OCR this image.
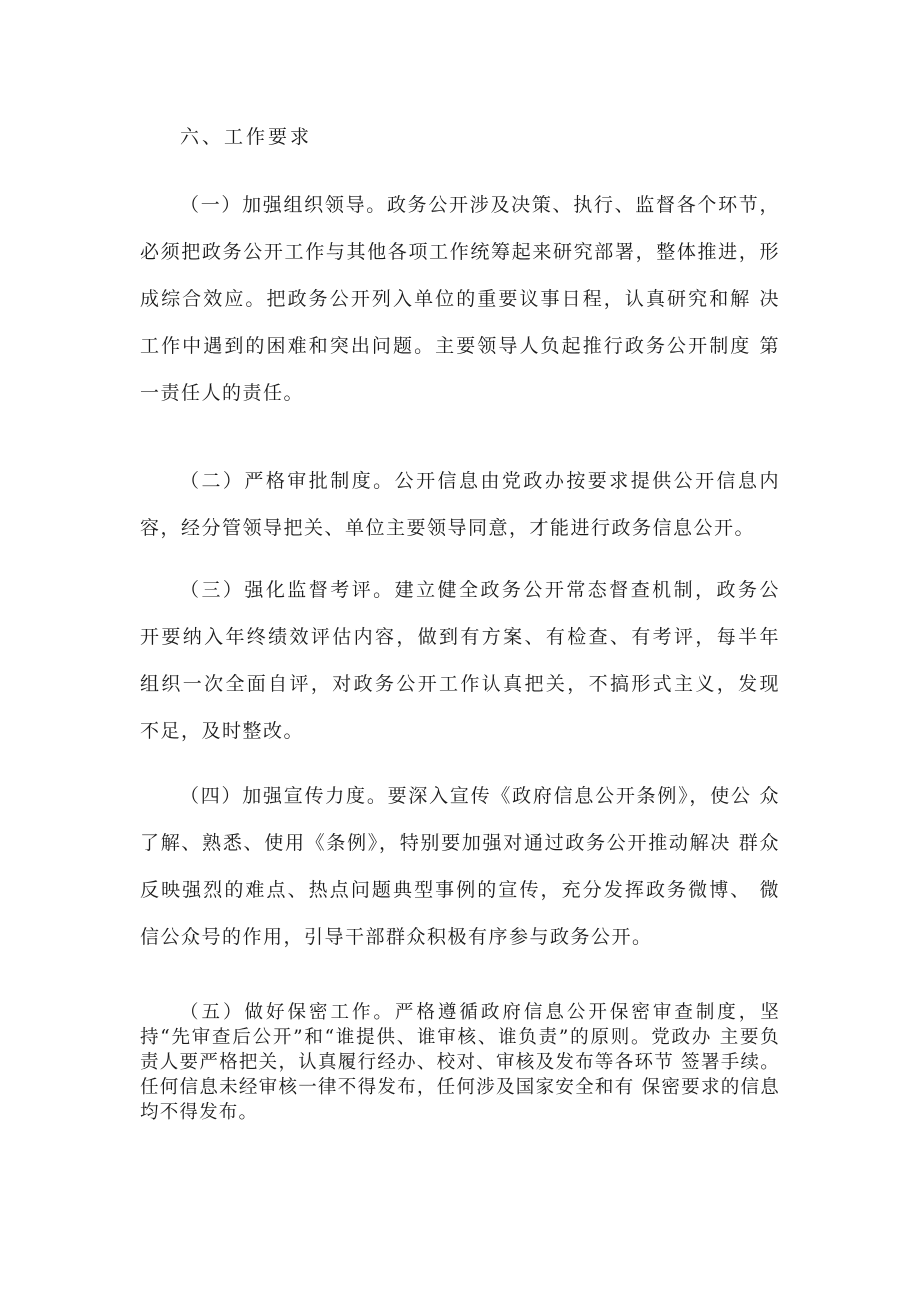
六、工作要求
（一）加强组织领导。政务公开涉及决策、执行、监督各个环节，必须把政务公开工作与其他各项工作统筹起来研究部署，整体推进，形成综合效应。把政务公开列入单位的重要议事日程，认真研究和解 决工作中遇到的困难和突出问题。主要领导人负起推行政务公开制度 第一责任人的责任。
（二）严格审批制度。公开信息由党政办按要求提供公开信息内 容，经分管领导把关、单位主要领导同意，才能进行政务信息公开。
（三）强化监督考评。建立健全政务公开常态督查机制，政务公 开要纳入年终绩效评估内容，做到有方案、有检查、有考评，每半年 组织一次全面自评，对政务公开工作认真把关，不搞形式主义，发现 不足，及时整改。
（四）加强宣传力度。要深入宣传《政府信息公开条例》，使公 众了解、熟悉、使用《条例》，特别要加强对通过政务公开推动解决 群众反映强烈的难点、热点问题典型事例的宣传，充分发挥政务微博、 微信公众号的作用，引导干部群众积极有序参与政务公开。
（五）做好保密工作。严格遵循政府信息公开保密审查制度，坚 持“先审查后公开”和“谁提供、谁审核、谁负责”的原则。党政办 主要负责人要严格把关，认真履行经办、校对、审核及发布等各环节 签署手续。任何信息未经审核一律不得发布，任何涉及国家安全和有 保密要求的信息均不得发布。
